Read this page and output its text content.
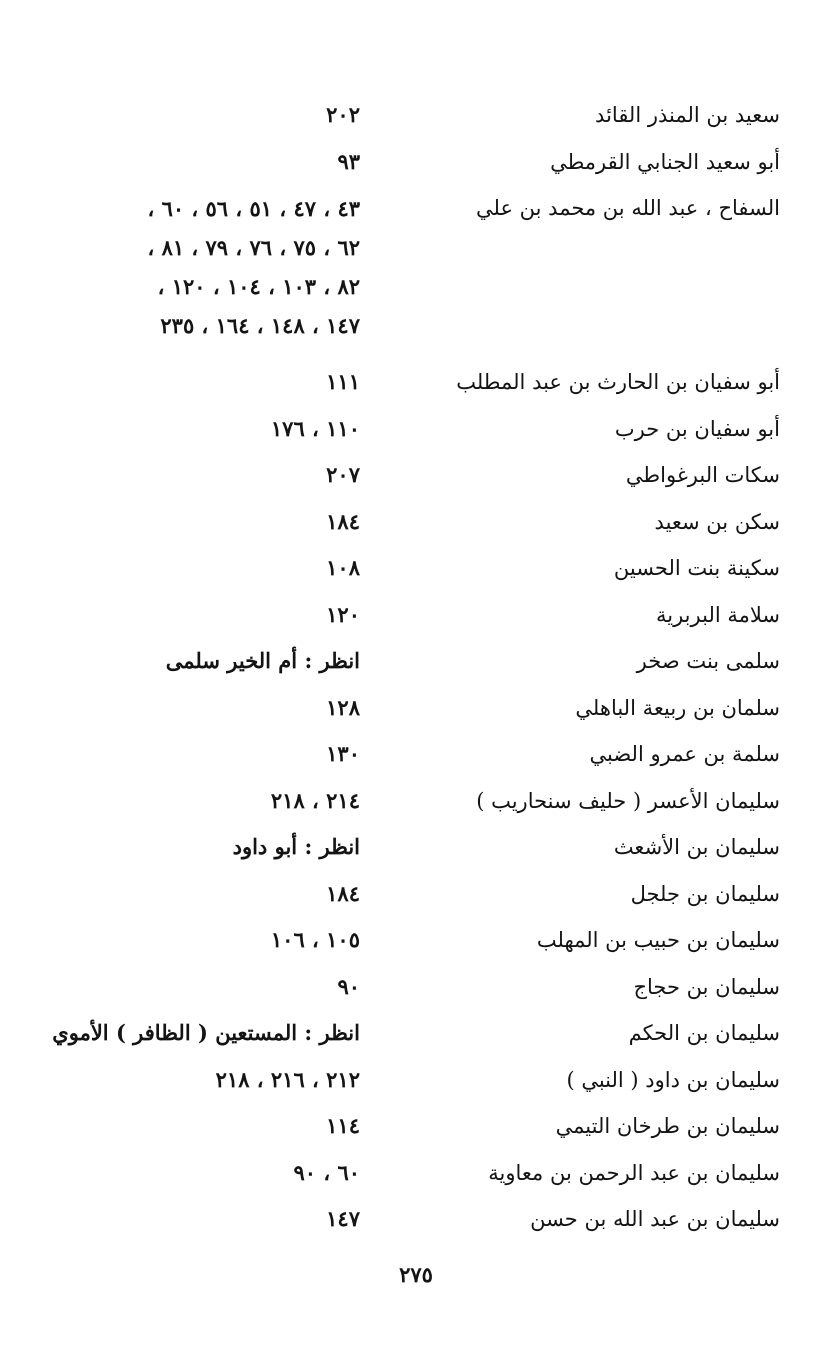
سعيد بن المنذر القائد
٢٠٢
أبو سعيد الجنابي القرمطي
٩٣
السفاح ، عبد الله بن محمد بن علي
٤٣ ، ٤٧ ، ٥١ ، ٥٦ ، ٦٠ ،
٦٢ ، ٧٥ ، ٧٦ ، ٧٩ ، ٨١ ،
٨٢ ، ١٠٣ ، ١٠٤ ، ١٢٠ ،
١٤٧ ، ١٤٨ ، ١٦٤ ، ٢٣٥
أبو سفيان بن الحارث بن عبد المطلب
١١١
أبو سفيان بن حرب
١١٠ ، ١٧٦
سكات البرغواطي
٢٠٧
سكن بن سعيد
١٨٤
سكينة بنت الحسين
١٠٨
سلامة البربرية
١٢٠
سلمى بنت صخر
انظر : أم الخير سلمى
سلمان بن ربيعة الباهلي
١٢٨
سلمة بن عمرو الضبي
١٣٠
سليمان الأعسر ( حليف سنحاريب )
٢١٤ ، ٢١٨
سليمان بن الأشعث
انظر : أبو داود
سليمان بن جلجل
١٨٤
سليمان بن حبيب بن المهلب
١٠٥ ، ١٠٦
سليمان بن حجاج
٩٠
سليمان بن الحكم
انظر : المستعين ( الظافر ) الأموي
سليمان بن داود ( النبي )
٢١٢ ، ٢١٦ ، ٢١٨
سليمان بن طرخان التيمي
١١٤
سليمان بن عبد الرحمن بن معاوية
٦٠ ، ٩٠
سليمان بن عبد الله بن حسن
١٤٧
٢٧٥
